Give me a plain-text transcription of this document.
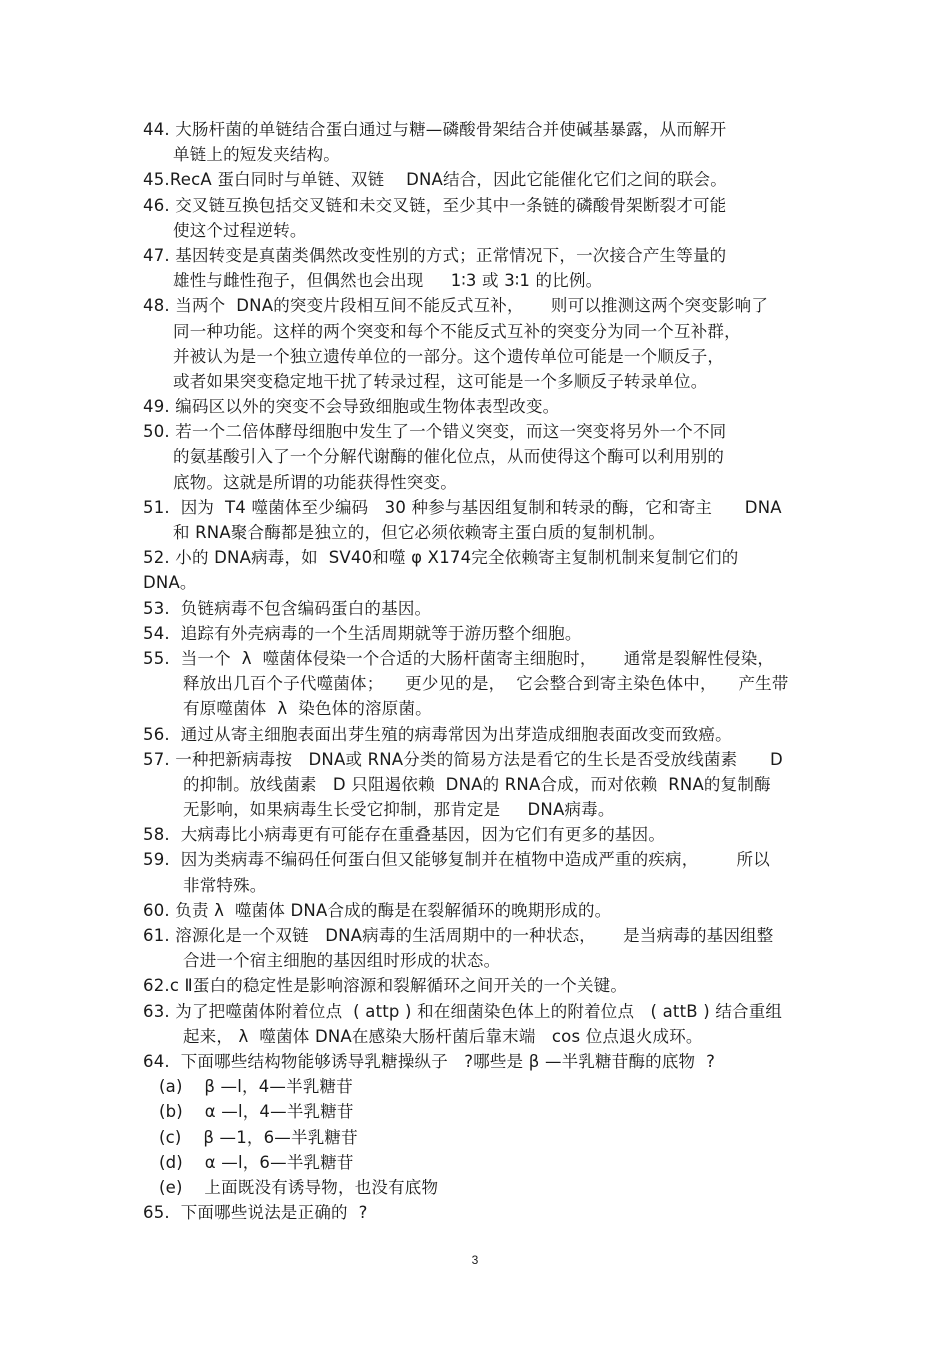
44. 大肠杆菌的单链结合蛋白通过与糖—磷酸骨架结合并使碱基暴露，从而解开
单链上的短发夹结构。
45.RecA 蛋白同时与单链、双链    DNA结合，因此它能催化它们之间的联会。
46. 交叉链互换包括交叉链和未交叉链，至少其中一条链的磷酸骨架断裂才可能
使这个过程逆转。
47. 基因转变是真菌类偶然改变性别的方式；正常情况下，一次接合产生等量的
雄性与雌性孢子，但偶然也会出现     1∶3 或 3∶1 的比例。
48. 当两个  DNA的突变片段相互间不能反式互补，     则可以推测这两个突变影响了
同一种功能。这样的两个突变和每个不能反式互补的突变分为同一个互补群，
并被认为是一个独立遗传单位的一部分。这个遗传单位可能是一个顺反子，
或者如果突变稳定地干扰了转录过程，这可能是一个多顺反子转录单位。
49. 编码区以外的突变不会导致细胞或生物体表型改变。
50. 若一个二倍体酵母细胞中发生了一个错义突变，而这一突变将另外一个不同
的氨基酸引入了一个分解代谢酶的催化位点，从而使得这个酶可以利用别的
底物。这就是所谓的功能获得性突变。
51.  因为  T4 噬菌体至少编码   30 种参与基因组复制和转录的酶，它和寄主      DNA
和 RNA聚合酶都是独立的，但它必须依赖寄主蛋白质的复制机制。
52. 小的 DNA病毒，如  SV40和噬 φ X174完全依赖寄主复制机制来复制它们的
DNA。
53.  负链病毒不包含编码蛋白的基因。
54.  追踪有外壳病毒的一个生活周期就等于游历整个细胞。
55.  当一个  λ  噬菌体侵染一个合适的大肠杆菌寄主细胞时，     通常是裂解性侵染，
释放出几百个子代噬菌体；    更少见的是，  它会整合到寄主染色体中，    产生带
有原噬菌体  λ  染色体的溶原菌。
56.  通过从寄主细胞表面出芽生殖的病毒常因为出芽造成细胞表面改变而致癌。
57. 一种把新病毒按   DNA或 RNA分类的简易方法是看它的生长是否受放线菌素      D
的抑制。放线菌素   D 只阻遏依赖  DNA的 RNA合成，而对依赖  RNA的复制酶
无影响，如果病毒生长受它抑制，那肯定是     DNA病毒。
58.  大病毒比小病毒更有可能存在重叠基因，因为它们有更多的基因。
59.  因为类病毒不编码任何蛋白但又能够复制并在植物中造成严重的疾病，       所以
非常特殊。
60. 负责 λ  噬菌体 DNA合成的酶是在裂解循环的晚期形成的。
61. 溶源化是一个双链   DNA病毒的生活周期中的一种状态，     是当病毒的基因组整
合进一个宿主细胞的基因组时形成的状态。
62.c Ⅱ蛋白的稳定性是影响溶源和裂解循环之间开关的一个关键。
63. 为了把噬菌体附着位点  ( attp ) 和在细菌染色体上的附着位点   ( attB ) 结合重组
起来， λ  噬菌体 DNA在感染大肠杆菌后靠末端   cos 位点退火成环。
64.  下面哪些结构物能够诱导乳糖操纵子   ?哪些是 β —半乳糖苷酶的底物  ?
(a)    β —l，4—半乳糖苷
(b)    α —l，4—半乳糖苷
(c)    β —1，6—半乳糖苷
(d)    α —l，6—半乳糖苷
(e)    上面既没有诱导物，也没有底物
65.  下面哪些说法是正确的  ?
3
